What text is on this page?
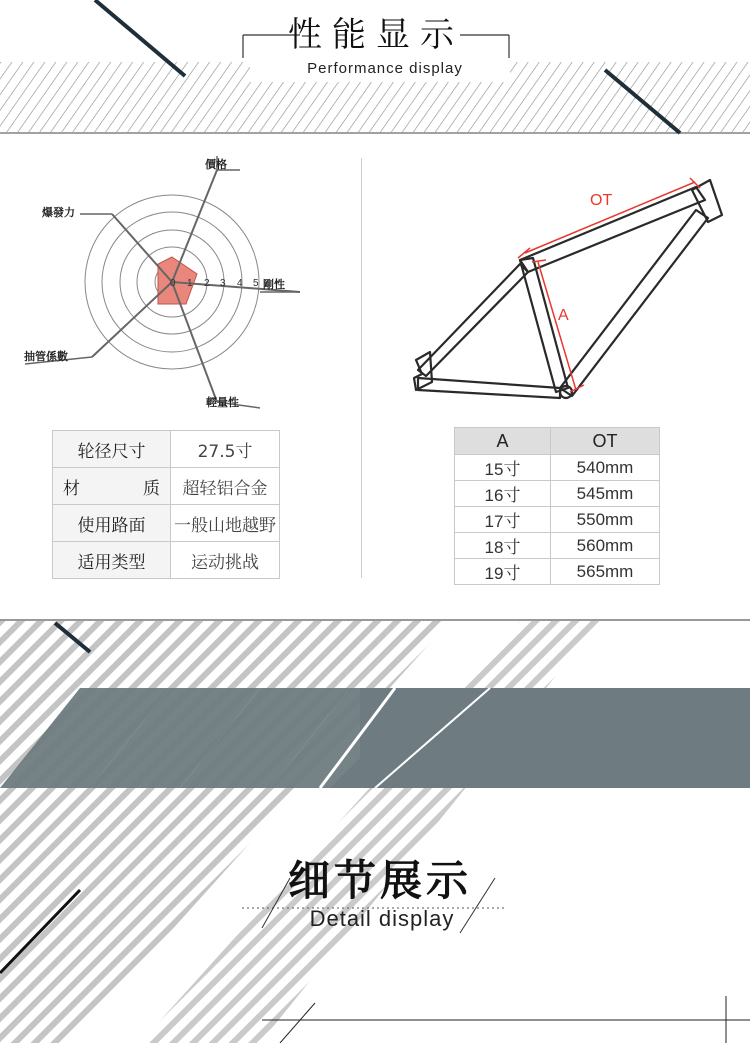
性能显示
Performance display
0 1 2 3 4 5
價格
爆發力
剛性
抽管係數
輕量性
OT
A
轮径尺寸	27.5寸
材质	超轻铝合金
使用路面	一般山地越野
适用类型	运动挑战
A	OT
15寸	540mm
16寸	545mm
17寸	550mm
18寸	560mm
19寸	565mm
细节展示
Detail display
